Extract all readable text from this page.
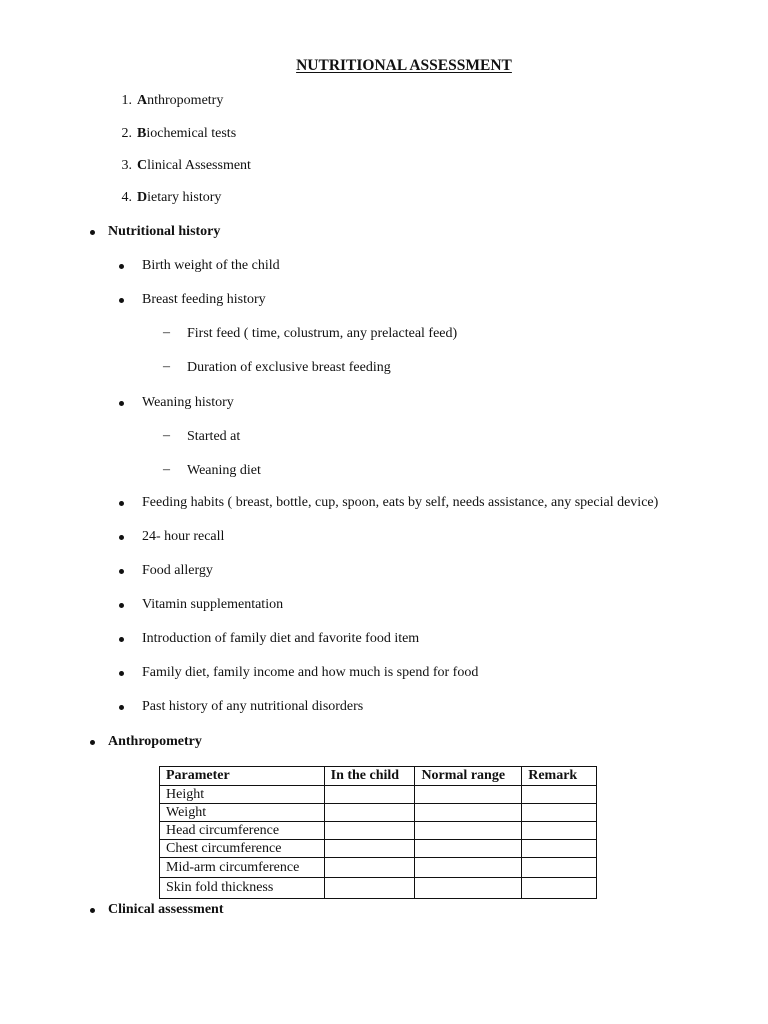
NUTRITIONAL ASSESSMENT
1. Anthropometry
2. Biochemical tests
3. Clinical Assessment
4. Dietary history
Nutritional history
Birth weight of the child
Breast feeding history
– First feed ( time, colustrum, any prelacteal feed)
– Duration of exclusive breast feeding
Weaning history
– Started at
– Weaning diet
Feeding habits ( breast, bottle, cup, spoon, eats by self, needs assistance, any special device)
24- hour recall
Food allergy
Vitamin supplementation
Introduction of family diet and favorite food item
Family diet, family income and how much is spend for food
Past history of any nutritional disorders
Anthropometry
Parameter	In the child	Normal range	Remark
Height			
Weight			
Head circumference			
Chest circumference			
Mid-arm circumference			
Skin fold thickness			
Clinical assessment
